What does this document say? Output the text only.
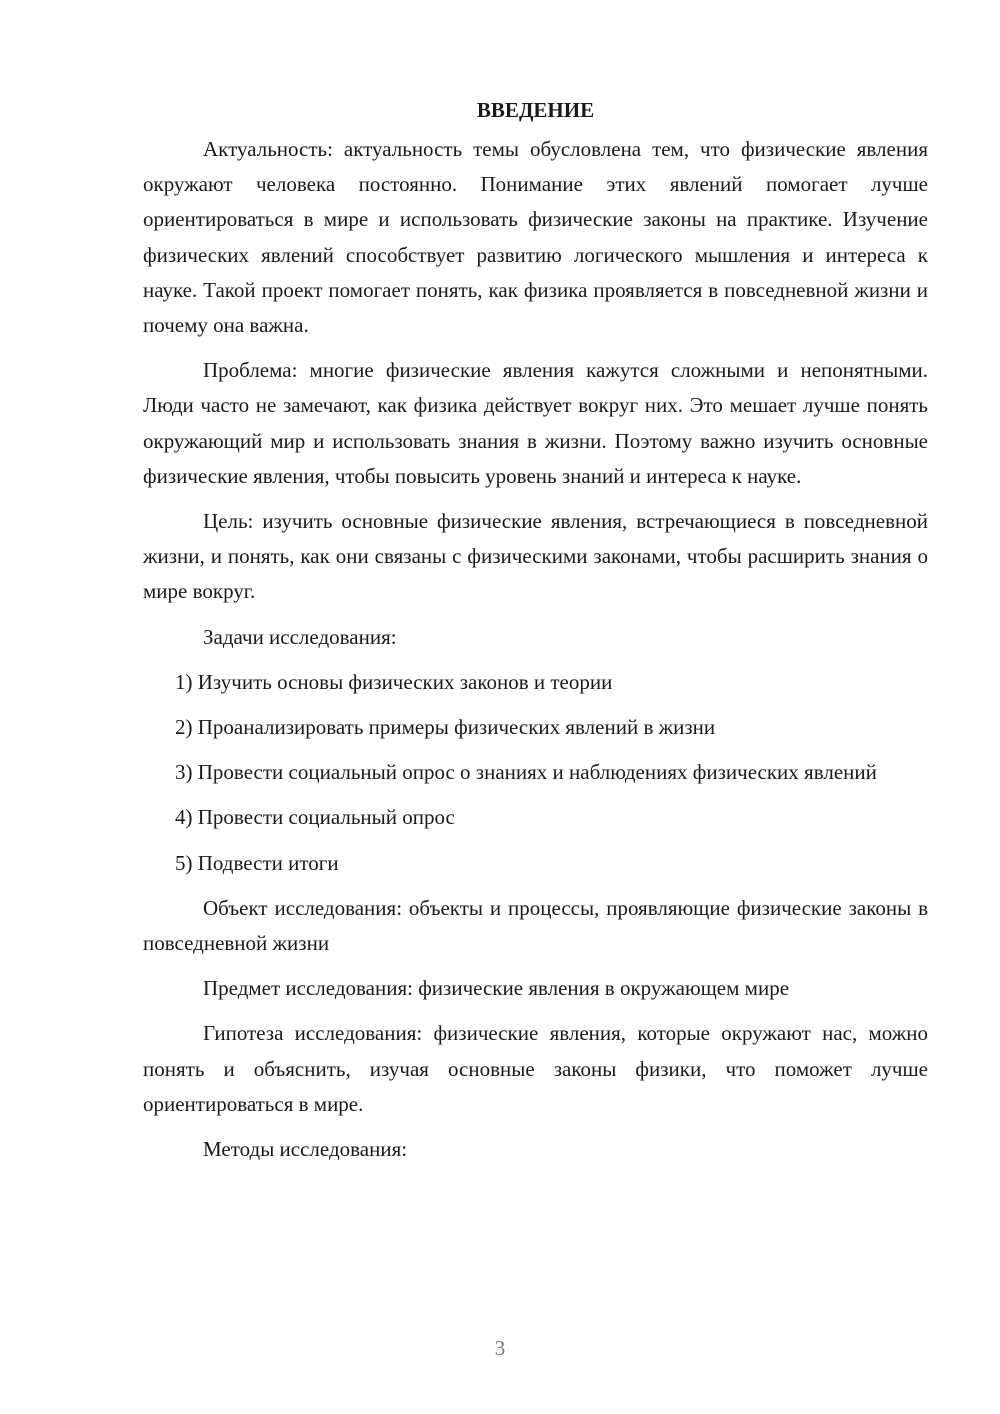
ВВЕДЕНИЕ

Актуальность: актуальность темы обусловлена тем, что физические явления окружают человека постоянно. Понимание этих явлений помогает лучше ориентироваться в мире и использовать физические законы на практике. Изучение физических явлений способствует развитию логического мышления и интереса к науке. Такой проект помогает понять, как физика проявляется в повседневной жизни и почему она важна.

Проблема: многие физические явления кажутся сложными и непонятными. Люди часто не замечают, как физика действует вокруг них. Это мешает лучше понять окружающий мир и использовать знания в жизни. Поэтому важно изучить основные физические явления, чтобы повысить уровень знаний и интереса к науке.

Цель: изучить основные физические явления, встречающиеся в повседневной жизни, и понять, как они связаны с физическими законами, чтобы расширить знания о мире вокруг.

Задачи исследования:

1) Изучить основы физических законов и теории

2) Проанализировать примеры физических явлений в жизни

3) Провести социальный опрос о знаниях и наблюдениях физических явлений

4) Провести социальный опрос

5) Подвести итоги

Объект исследования: объекты и процессы, проявляющие физические законы в повседневной жизни

Предмет исследования: физические явления в окружающем мире

Гипотеза исследования: физические явления, которые окружают нас, можно понять и объяснить, изучая основные законы физики, что поможет лучше ориентироваться в мире.

Методы исследования:

3
